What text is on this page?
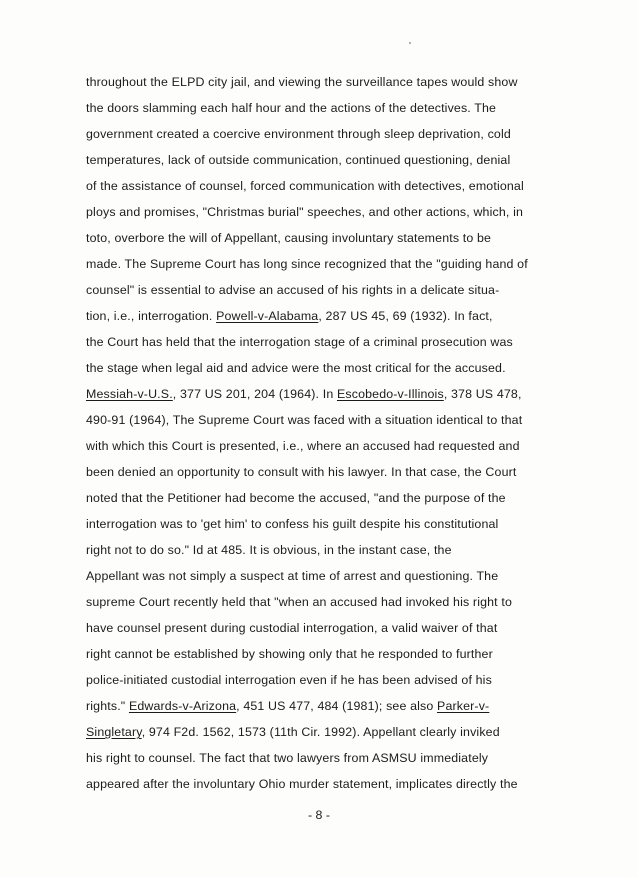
throughout the ELPD city jail, and viewing the surveillance tapes would show
the doors slamming each half hour and the actions of the detectives. The
government created a coercive environment through sleep deprivation, cold
temperatures, lack of outside communication, continued questioning, denial
of the assistance of counsel, forced communication with detectives, emotional
ploys and promises, "Christmas burial" speeches, and other actions, which, in
toto, overbore the will of Appellant, causing involuntary statements to be
made. The Supreme Court has long since recognized that the "guiding hand of
counsel" is essential to advise an accused of his rights in a delicate situa-
tion, i.e., interrogation. Powell-v-Alabama, 287 US 45, 69 (1932). In fact,
the Court has held that the interrogation stage of a criminal prosecution was
the stage when legal aid and advice were the most critical for the accused.
Messiah-v-U.S., 377 US 201, 204 (1964). In Escobedo-v-Illinois, 378 US 478,
490-91 (1964), The Supreme Court was faced with a situation identical to that
with which this Court is presented, i.e., where an accused had requested and
been denied an opportunity to consult with his lawyer. In that case, the Court
noted that the Petitioner had become the accused, "and the purpose of the
interrogation was to 'get him' to confess his guilt despite his constitutional
right not to do so." Id at 485. It is obvious, in the instant case, the
Appellant was not simply a suspect at time of arrest and questioning. The
supreme Court recently held that "when an accused had invoked his right to
have counsel present during custodial interrogation, a valid waiver of that
right cannot be established by showing only that he responded to further
police-initiated custodial interrogation even if he has been advised of his
rights." Edwards-v-Arizona, 451 US 477, 484 (1981); see also Parker-v-
Singletary, 974 F2d. 1562, 1573 (11th Cir. 1992). Appellant clearly inviked
his right to counsel. The fact that two lawyers from ASMSU immediately
appeared after the involuntary Ohio murder statement, implicates directly the
- 8 -
